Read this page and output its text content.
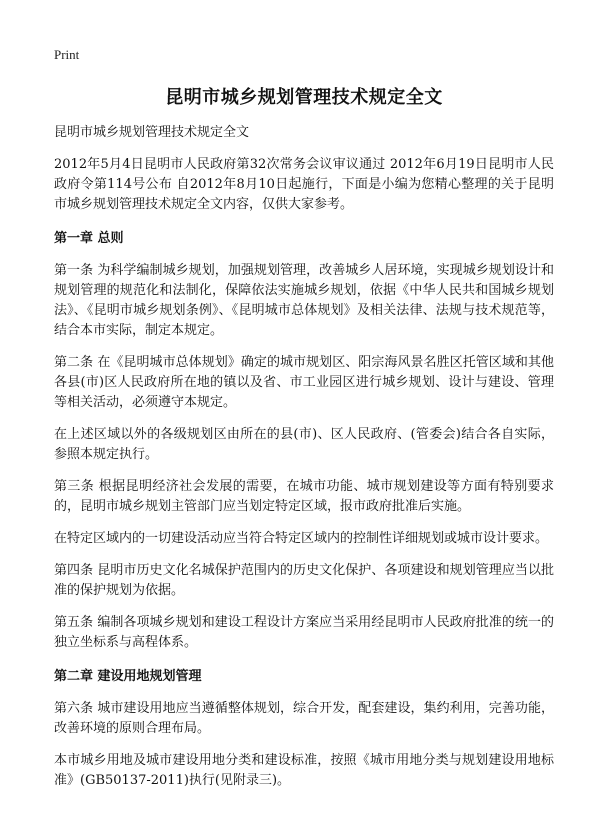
Print
昆明市城乡规划管理技术规定全文

昆明市城乡规划管理技术规定全文

2012年5月4日昆明市人民政府第32次常务会议审议通过 2012年6月19日昆明市人民政府令第114号公布 自2012年8月10日起施行，下面是小编为您精心整理的关于昆明市城乡规划管理技术规定全文内容，仅供大家参考。

第一章 总则

第一条 为科学编制城乡规划，加强规划管理，改善城乡人居环境，实现城乡规划设计和规划管理的规范化和法制化，保障依法实施城乡规划，依据《中华人民共和国城乡规划法》、《昆明市城乡规划条例》、《昆明城市总体规划》及相关法律、法规与技术规范等，结合本市实际，制定本规定。

第二条 在《昆明城市总体规划》确定的城市规划区、阳宗海风景名胜区托管区域和其他各县(市)区人民政府所在地的镇以及省、市工业园区进行城乡规划、设计与建设、管理等相关活动，必须遵守本规定。

在上述区域以外的各级规划区由所在的县(市)、区人民政府、(管委会)结合各自实际，参照本规定执行。

第三条 根据昆明经济社会发展的需要，在城市功能、城市规划建设等方面有特别要求的，昆明市城乡规划主管部门应当划定特定区域，报市政府批准后实施。

在特定区域内的一切建设活动应当符合特定区域内的控制性详细规划或城市设计要求。

第四条 昆明市历史文化名城保护范围内的历史文化保护、各项建设和规划管理应当以批准的保护规划为依据。

第五条 编制各项城乡规划和建设工程设计方案应当采用经昆明市人民政府批准的统一的独立坐标系与高程体系。

第二章 建设用地规划管理

第六条 城市建设用地应当遵循整体规划，综合开发，配套建设，集约利用，完善功能，改善环境的原则合理布局。

本市城乡用地及城市建设用地分类和建设标准，按照《城市用地分类与规划建设用地标准》(GB50137-2011)执行(见附录三)。
